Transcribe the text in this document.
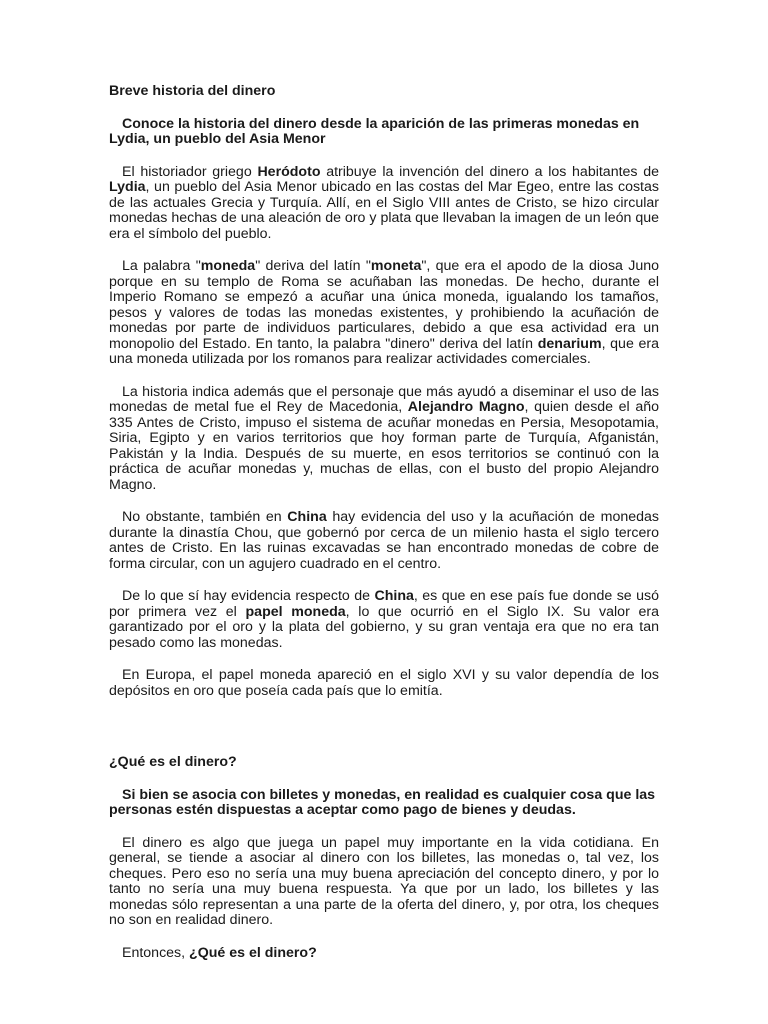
Breve historia del dinero

Conoce la historia del dinero desde la aparición de las primeras monedas en Lydia, un pueblo del Asia Menor

El historiador griego Heródoto atribuye la invención del dinero a los habitantes de Lydia, un pueblo del Asia Menor ubicado en las costas del Mar Egeo, entre las costas de las actuales Grecia y Turquía. Allí, en el Siglo VIII antes de Cristo, se hizo circular monedas hechas de una aleación de oro y plata que llevaban la imagen de un león que era el símbolo del pueblo.

La palabra "moneda" deriva del latín "moneta", que era el apodo de la diosa Juno porque en su templo de Roma se acuñaban las monedas. De hecho, durante el Imperio Romano se empezó a acuñar una única moneda, igualando los tamaños, pesos y valores de todas las monedas existentes, y prohibiendo la acuñación de monedas por parte de individuos particulares, debido a que esa actividad era un monopolio del Estado. En tanto, la palabra "dinero" deriva del latín denarium, que era una moneda utilizada por los romanos para realizar actividades comerciales.

La historia indica además que el personaje que más ayudó a diseminar el uso de las monedas de metal fue el Rey de Macedonia, Alejandro Magno, quien desde el año 335 Antes de Cristo, impuso el sistema de acuñar monedas en Persia, Mesopotamia, Siria, Egipto y en varios territorios que hoy forman parte de Turquía, Afganistán, Pakistán y la India. Después de su muerte, en esos territorios se continuó con la práctica de acuñar monedas y, muchas de ellas, con el busto del propio Alejandro Magno.

No obstante, también en China hay evidencia del uso y la acuñación de monedas durante la dinastía Chou, que gobernó por cerca de un milenio hasta el siglo tercero antes de Cristo. En las ruinas excavadas se han encontrado monedas de cobre de forma circular, con un agujero cuadrado en el centro.

De lo que sí hay evidencia respecto de China, es que en ese país fue donde se usó por primera vez el papel moneda, lo que ocurrió en el Siglo IX. Su valor era garantizado por el oro y la plata del gobierno, y su gran ventaja era que no era tan pesado como las monedas.

En Europa, el papel moneda apareció en el siglo XVI y su valor dependía de los depósitos en oro que poseía cada país que lo emitía.

¿Qué es el dinero?

Si bien se asocia con billetes y monedas, en realidad es cualquier cosa que las personas estén dispuestas a aceptar como pago de bienes y deudas.

El dinero es algo que juega un papel muy importante en la vida cotidiana. En general, se tiende a asociar al dinero con los billetes, las monedas o, tal vez, los cheques. Pero eso no sería una muy buena apreciación del concepto dinero, y por lo tanto no sería una muy buena respuesta. Ya que por un lado, los billetes y las monedas sólo representan a una parte de la oferta del dinero, y, por otra, los cheques no son en realidad dinero.

Entonces, ¿Qué es el dinero?
